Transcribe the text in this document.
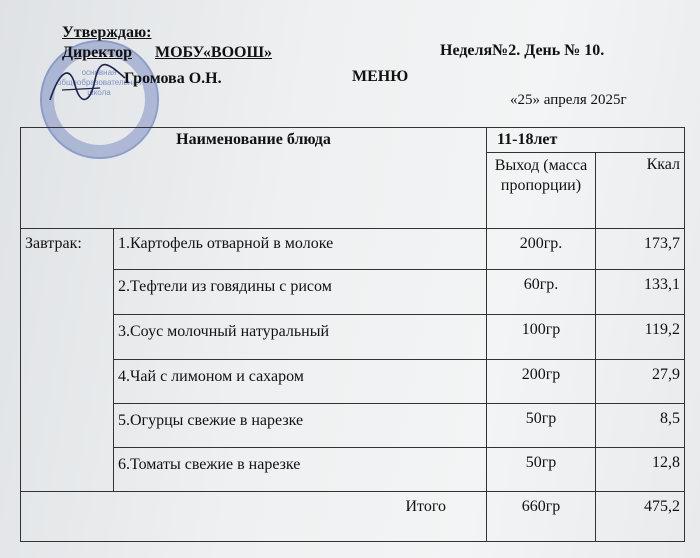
основная общеобразовательная школа
Утверждаю:
Директор МОБУ«ВООШ»	Неделя№2. День № 10.
Громова О.Н.	МЕНЮ
«25» апреля 2025г
Наименование блюда		11-18лет	
		Выход (масса пропорции)	Ккал
Завтрак:	1.Картофель отварной в молоке	200гр.	173,7
	2.Тефтели из говядины с рисом	60гр.	133,1
	3.Соус молочный натуральный	100гр	119,2
	4.Чай с лимоном и сахаром	200гр	27,9
	5.Огурцы свежие в нарезке	50гр	8,5
	6.Томаты свежие в нарезке	50гр	12,8
Итого		660гр	475,2
